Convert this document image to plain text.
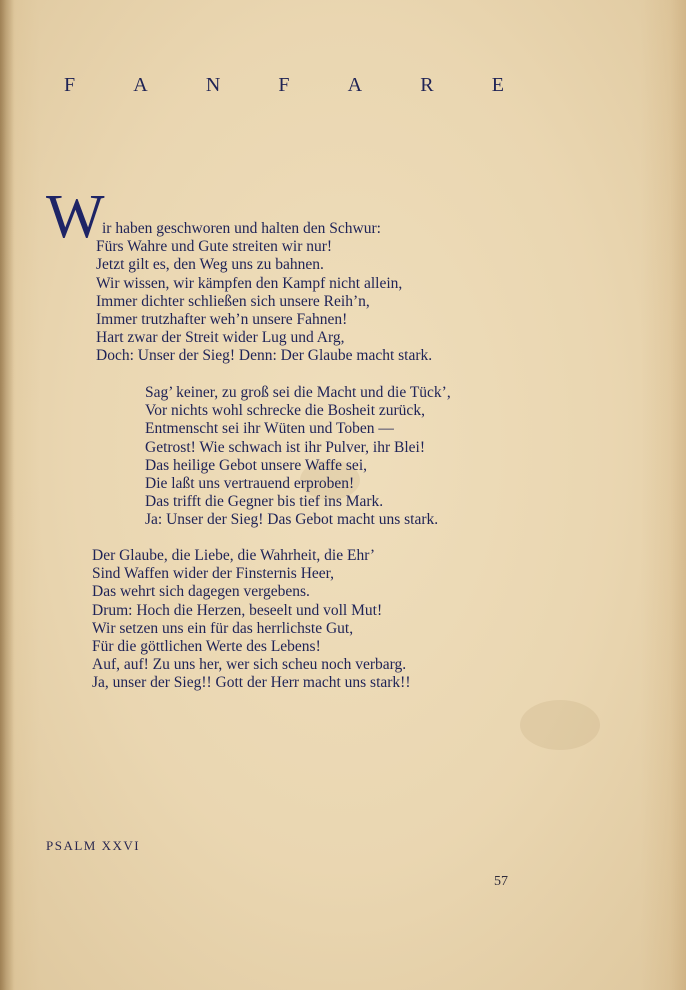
F	A	N	F	A	R	E
W
ir haben geschworen und halten den Schwur:
Fürs Wahre und Gute streiten wir nur!
Jetzt gilt es, den Weg uns zu bahnen.
Wir wissen, wir kämpfen den Kampf nicht allein,
Immer dichter schließen sich unsere Reih’n,
Immer trutzhafter weh’n unsere Fahnen!
Hart zwar der Streit wider Lug und Arg,
Doch: Unser der Sieg! Denn: Der Glaube macht stark.
Sag’ keiner, zu groß sei die Macht und die Tück’,
Vor nichts wohl schrecke die Bosheit zurück,
Entmenscht sei ihr Wüten und Toben —
Getrost! Wie schwach ist ihr Pulver, ihr Blei!
Das heilige Gebot unsere Waffe sei,
Die laßt uns vertrauend erproben!
Das trifft die Gegner bis tief ins Mark.
Ja: Unser der Sieg! Das Gebot macht uns stark.
Der Glaube, die Liebe, die Wahrheit, die Ehr’
Sind Waffen wider der Finsternis Heer,
Das wehrt sich dagegen vergebens.
Drum: Hoch die Herzen, beseelt und voll Mut!
Wir setzen uns ein für das herrlichste Gut,
Für die göttlichen Werte des Lebens!
Auf, auf! Zu uns her, wer sich scheu noch verbarg.
Ja, unser der Sieg!! Gott der Herr macht uns stark!!
PSALM XXVI
57
